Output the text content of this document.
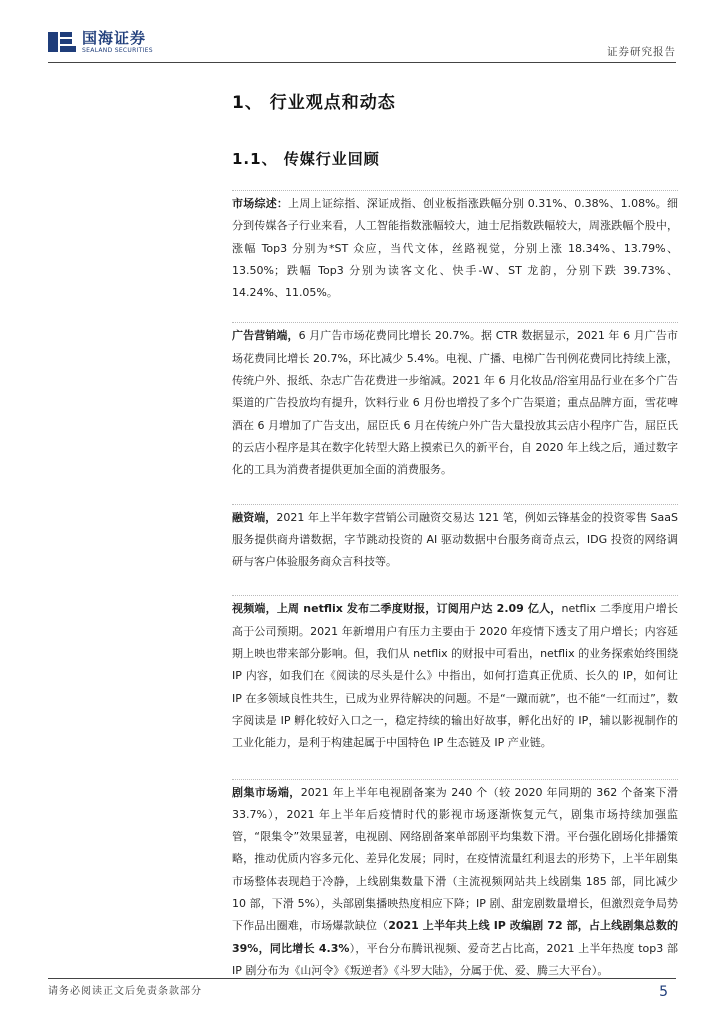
国海证券
SEALAND SECURITIES	证券研究报告
1、 行业观点和动态
1.1、 传媒行业回顾

市场综述：上周上证综指、深证成指、创业板指涨跌幅分别 0.31%、0.38%、1.08%。细分到传媒各子行业来看，人工智能指数涨幅较大，迪士尼指数跌幅较大，周涨跌幅个股中，涨幅 Top3 分别为*ST 众应，当代文体，丝路视觉，分别上涨 18.34%、13.79%、13.50%；跌幅 Top3 分别为读客文化、快手-W、ST 龙韵，分别下跌 39.73%、14.24%、11.05%。

广告营销端，6 月广告市场花费同比增长 20.7%。据 CTR 数据显示，2021 年 6 月广告市场花费同比增长 20.7%，环比减少 5.4%。电视、广播、电梯广告刊例花费同比持续上涨，传统户外、报纸、杂志广告花费进一步缩减。2021 年 6 月化妆品/浴室用品行业在多个广告渠道的广告投放均有提升，饮料行业 6 月份也增投了多个广告渠道；重点品牌方面，雪花啤酒在 6 月增加了广告支出，屈臣氏 6 月在传统户外广告大量投放其云店小程序广告，屈臣氏的云店小程序是其在数字化转型大路上摸索已久的新平台，自 2020 年上线之后，通过数字化的工具为消费者提供更加全面的消费服务。

融资端，2021 年上半年数字营销公司融资交易达 121 笔，例如云锋基金的投资零售 SaaS 服务提供商舟谱数据，字节跳动投资的 AI 驱动数据中台服务商奇点云，IDG 投资的网络调研与客户体验服务商众言科技等。

视频端，上周 netflix 发布二季度财报，订阅用户达 2.09 亿人，netflix 二季度用户增长高于公司预期。2021 年新增用户有压力主要由于 2020 年疫情下透支了用户增长；内容延期上映也带来部分影响。但，我们从 netflix 的财报中可看出，netflix 的业务探索始终围绕 IP 内容，如我们在《阅读的尽头是什么》中指出，如何打造真正优质、长久的 IP，如何让 IP 在多领域良性共生，已成为业界待解决的问题。不是“一蹴而就”，也不能“一红而过”，数字阅读是 IP 孵化较好入口之一，稳定持续的输出好故事，孵化出好的 IP，辅以影视制作的工业化能力，是利于构建起属于中国特色 IP 生态链及 IP 产业链。

剧集市场端，2021 年上半年电视剧备案为 240 个（较 2020 年同期的 362 个备案下滑 33.7%），2021 年上半年后疫情时代的影视市场逐渐恢复元气，剧集市场持续加强监管，“限集令”效果显著，电视剧、网络剧备案单部剧平均集数下滑。平台强化剧场化排播策略，推动优质内容多元化、差异化发展；同时，在疫情流量红利退去的形势下，上半年剧集市场整体表现趋于冷静，上线剧集数量下滑（主流视频网站共上线剧集 185 部，同比减少 10 部，下滑 5%），头部剧集播映热度相应下降；IP 剧、甜宠剧数量增长，但激烈竞争局势下作品出圈难，市场爆款缺位（2021 上半年共上线 IP 改编剧 72 部，占上线剧集总数的 39%，同比增长 4.3%），平台分布腾讯视频、爱奇艺占比高，2021 上半年热度 top3 部 IP 剧分布为《山河令》《叛逆者》《斗罗大陆》，分属于优、爱、腾三大平台）。

请务必阅读正文后免责条款部分	5
